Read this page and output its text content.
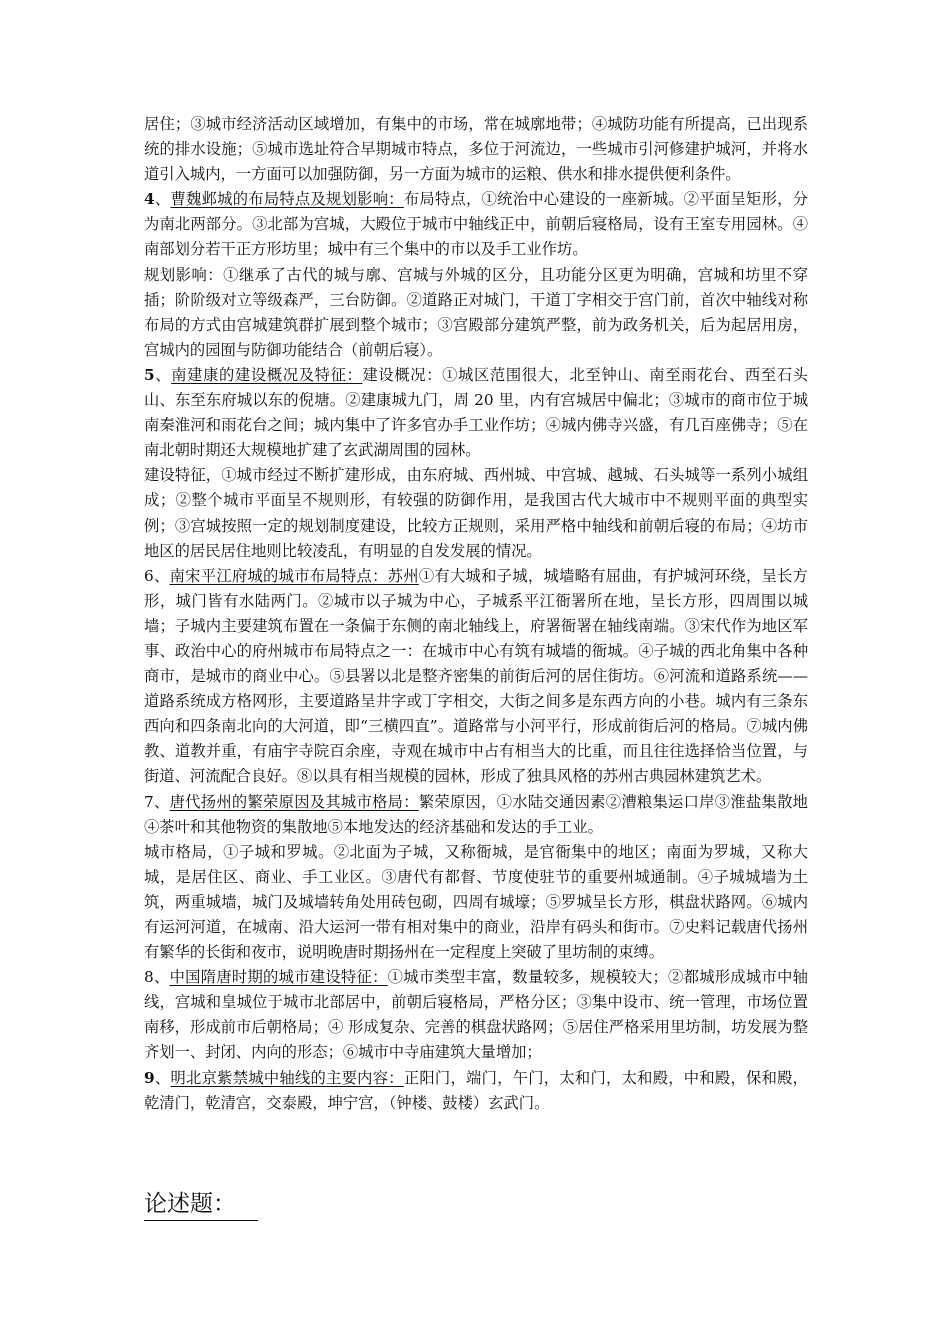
居住；③城市经济活动区域增加，有集中的市场，常在城廓地带；④城防功能有所提高，已出现系统的排水设施；⑤城市选址符合早期城市特点，多位于河流边，一些城市引河修建护城河，并将水道引入城内，一方面可以加强防御，另一方面为城市的运粮、供水和排水提供便利条件。

4、曹魏邺城的布局特点及规划影响：布局特点，①统治中心建设的一座新城。②平面呈矩形，分为南北两部分。③北部为宫城，大殿位于城市中轴线正中，前朝后寝格局，设有王室专用园林。④南部划分若干正方形坊里；城中有三个集中的市以及手工业作坊。

规划影响：①继承了古代的城与廓、宫城与外城的区分，且功能分区更为明确，宫城和坊里不穿插；阶阶级对立等级森严，三台防御。②道路正对城门，干道丁字相交于宫门前，首次中轴线对称布局的方式由宫城建筑群扩展到整个城市；③宫殿部分建筑严整，前为政务机关，后为起居用房，宫城内的园囿与防御功能结合（前朝后寝）。

5、南建康的建设概况及特征：建设概况：①城区范围很大，北至钟山、南至雨花台、西至石头山、东至东府城以东的倪塘。②建康城九门，周 20 里，内有宫城居中偏北；③城市的商市位于城南秦淮河和雨花台之间；城内集中了许多官办手工业作坊；④城内佛寺兴盛，有几百座佛寺；⑤在南北朝时期还大规模地扩建了玄武湖周围的园林。

建设特征，①城市经过不断扩建形成，由东府城、西州城、中宫城、越城、石头城等一系列小城组成；②整个城市平面呈不规则形，有较强的防御作用，是我国古代大城市中不规则平面的典型实例；③宫城按照一定的规划制度建设，比较方正规则，采用严格中轴线和前朝后寝的布局；④坊市地区的居民居住地则比较凌乱，有明显的自发发展的情况。

6、南宋平江府城的城市布局特点：苏州①有大城和子城，城墙略有屈曲，有护城河环绕，呈长方形，城门皆有水陆两门。②城市以子城为中心，子城系平江衙署所在地，呈长方形，四周围以城墙；子城内主要建筑布置在一条偏于东侧的南北轴线上，府署衙署在轴线南端。③宋代作为地区军事、政治中心的府州城市布局特点之一：在城市中心有筑有城墙的衙城。④子城的西北角集中各种商市，是城市的商业中心。⑤县署以北是整齐密集的前街后河的居住街坊。⑥河流和道路系统——道路系统成方格网形，主要道路呈井字或丁字相交，大街之间多是东西方向的小巷。城内有三条东西向和四条南北向的大河道，即“三横四直”。道路常与小河平行，形成前街后河的格局。⑦城内佛教、道教并重，有庙宇寺院百余座，寺观在城市中占有相当大的比重，而且往往选择恰当位置，与街道、河流配合良好。⑧以具有相当规模的园林，形成了独具风格的苏州古典园林建筑艺术。

7、唐代扬州的繁荣原因及其城市格局：繁荣原因，①水陆交通因素②漕粮集运口岸③淮盐集散地④茶叶和其他物资的集散地⑤本地发达的经济基础和发达的手工业。

城市格局，①子城和罗城。②北面为子城，又称衙城，是官衙集中的地区；南面为罗城，又称大城，是居住区、商业、手工业区。③唐代有都督、节度使驻节的重要州城通制。④子城城墙为土筑，两重城墙，城门及城墙转角处用砖包砌，四周有城壕；⑤罗城呈长方形，棋盘状路网。⑥城内有运河河道，在城南、沿大运河一带有相对集中的商业，沿岸有码头和街市。⑦史料记载唐代扬州有繁华的长街和夜市，说明晚唐时期扬州在一定程度上突破了里坊制的束缚。

8、中国隋唐时期的城市建设特征：①城市类型丰富，数量较多，规模较大；②都城形成城市中轴线，宫城和皇城位于城市北部居中，前朝后寝格局，严格分区；③集中设市、统一管理，市场位置南移，形成前市后朝格局；④ 形成复杂、完善的棋盘状路网；⑤居住严格采用里坊制，坊发展为整齐划一、封闭、内向的形态；⑥城市中寺庙建筑大量增加；

9、明北京紫禁城中轴线的主要内容：正阳门，端门，午门，太和门，太和殿，中和殿，保和殿，乾清门，乾清宫，交泰殿，坤宁宫，（钟楼、鼓楼）玄武门。

论述题：
